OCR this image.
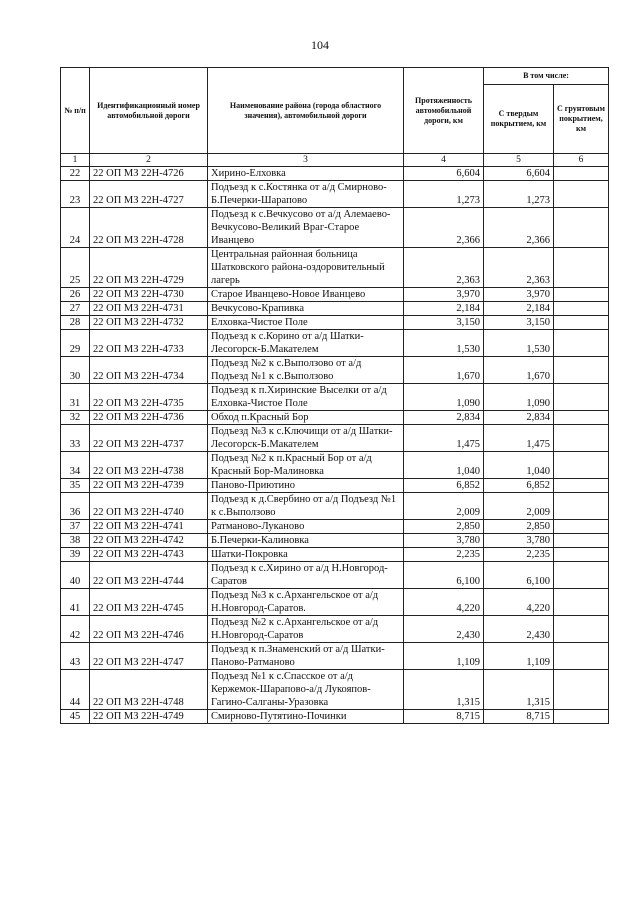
104
№ п/п	Идентификационный номер автомобильной дороги	Наименование района (города областного значения), автомобильной дороги	Протяженность автомобильной дороги, км	В том числе:	
				С твердым покрытием, км	С грунтовым покрытием, км
1	2	3	4	5	6
22	22 ОП МЗ 22Н-4726	Хирино-Елховка	6,604	6,604	
23	22 ОП МЗ 22Н-4727	Подъезд к с.Костянка от а/д Смирново-Б.Печерки-Шарапово	1,273	1,273	
24	22 ОП МЗ 22Н-4728	Подъезд к с.Вечкусово от а/д Алемаево-Вечкусово-Великий Враг-Старое Иванцево	2,366	2,366	
25	22 ОП МЗ 22Н-4729	Центральная районная больница Шатковского района-оздоровительный лагерь	2,363	2,363	
26	22 ОП МЗ 22Н-4730	Старое Иванцево-Новое Иванцево	3,970	3,970	
27	22 ОП МЗ 22Н-4731	Вечкусово-Крапивка	2,184	2,184	
28	22 ОП МЗ 22Н-4732	Елховка-Чистое Поле	3,150	3,150	
29	22 ОП МЗ 22Н-4733	Подъезд к с.Корино от а/д Шатки-Лесогорск-Б.Макателем	1,530	1,530	
30	22 ОП МЗ 22Н-4734	Подъезд №2 к с.Выползово от а/д Подъезд №1 к с.Выползово	1,670	1,670	
31	22 ОП МЗ 22Н-4735	Подъезд к п.Хиринские Выселки от а/д Елховка-Чистое Поле	1,090	1,090	
32	22 ОП МЗ 22Н-4736	Обход п.Красный Бор	2,834	2,834	
33	22 ОП МЗ 22Н-4737	Подъезд №3 к с.Ключищи от а/д Шатки-Лесогорск-Б.Макателем	1,475	1,475	
34	22 ОП МЗ 22Н-4738	Подъезд №2 к п.Красный Бор от а/д Красный Бор-Малиновка	1,040	1,040	
35	22 ОП МЗ 22Н-4739	Паново-Приютино	6,852	6,852	
36	22 ОП МЗ 22Н-4740	Подъезд к д.Свербино от а/д Подъезд №1 к с.Выползово	2,009	2,009	
37	22 ОП МЗ 22Н-4741	Ратманово-Лукановo	2,850	2,850	
38	22 ОП МЗ 22Н-4742	Б.Печерки-Калиновка	3,780	3,780	
39	22 ОП МЗ 22Н-4743	Шатки-Покровка	2,235	2,235	
40	22 ОП МЗ 22Н-4744	Подъезд к с.Хирино от а/д Н.Новгород-Саратов	6,100	6,100	
41	22 ОП МЗ 22Н-4745	Подъезд №3 к с.Архангельское от а/д Н.Новгород-Саратов.	4,220	4,220	
42	22 ОП МЗ 22Н-4746	Подъезд №2 к с.Архангельское от а/д Н.Новгород-Саратов	2,430	2,430	
43	22 ОП МЗ 22Н-4747	Подъезд к п.Знаменский от а/д Шатки-Паново-Ратманово	1,109	1,109	
44	22 ОП МЗ 22Н-4748	Подъезд №1 к с.Спасское от а/д Кержемок-Шарапово-а/д Лукояпов-Гагино-Салганы-Уразовка	1,315	1,315	
45	22 ОП МЗ 22Н-4749	Смирново-Путятино-Починки	8,715	8,715	
